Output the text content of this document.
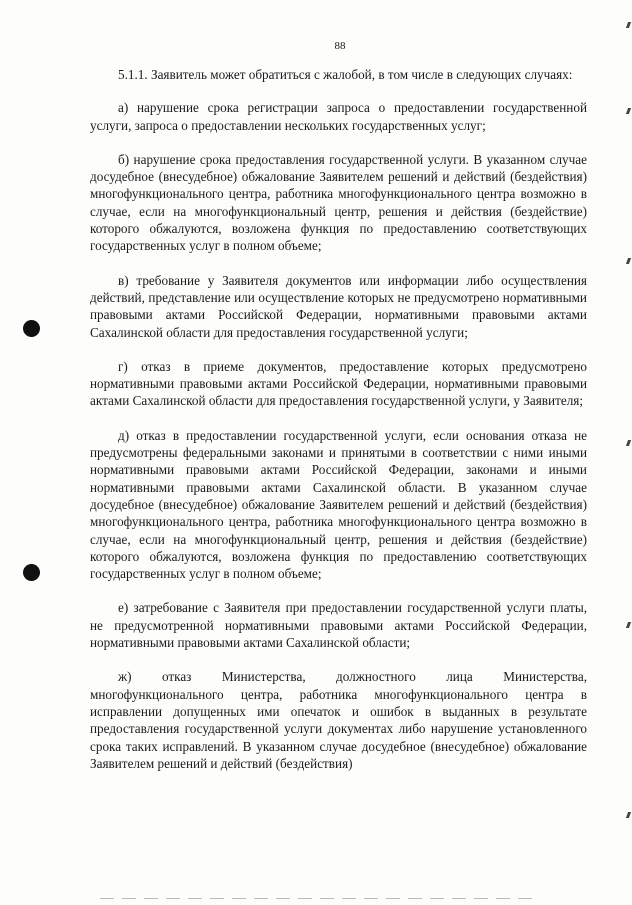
88

5.1.1. Заявитель может обратиться с жалобой, в том числе в следующих случаях:

а) нарушение срока регистрации запроса о предоставлении государственной услуги, запроса о предоставлении нескольких государственных услуг;

б) нарушение срока предоставления государственной услуги. В указанном случае досудебное (внесудебное) обжалование Заявителем решений и действий (бездействия) многофункционального центра, работника многофункционального центра возможно в случае, если на многофункциональный центр, решения и действия (бездействие) которого обжалуются, возложена функция по предоставлению соответствующих государственных услуг в полном объеме;

в) требование у Заявителя документов или информации либо осуществления действий, представление или осуществление которых не предусмотрено нормативными правовыми актами Российской Федерации, нормативными правовыми актами Сахалинской области для предоставления государственной услуги;

г) отказ в приеме документов, предоставление которых предусмотрено нормативными правовыми актами Российской Федерации, нормативными правовыми актами Сахалинской области для предоставления государственной услуги, у Заявителя;

д) отказ в предоставлении государственной услуги, если основания отказа не предусмотрены федеральными законами и принятыми в соответствии с ними иными нормативными правовыми актами Российской Федерации, законами и иными нормативными правовыми актами Сахалинской области. В указанном случае досудебное (внесудебное) обжалование Заявителем решений и действий (бездействия) многофункционального центра, работника многофункционального центра возможно в случае, если на многофункциональный центр, решения и действия (бездействие) которого обжалуются, возложена функция по предоставлению соответствующих государственных услуг в полном объеме;

е) затребование с Заявителя при предоставлении государственной услуги платы, не предусмотренной нормативными правовыми актами Российской Федерации, нормативными правовыми актами Сахалинской области;

ж) отказ Министерства, должностного лица Министерства, многофункционального центра, работника многофункционального центра в исправлении допущенных ими опечаток и ошибок в выданных в результате предоставления государственной услуги документах либо нарушение установленного срока таких исправлений. В указанном случае досудебное (внесудебное) обжалование Заявителем решений и действий (бездействия)
